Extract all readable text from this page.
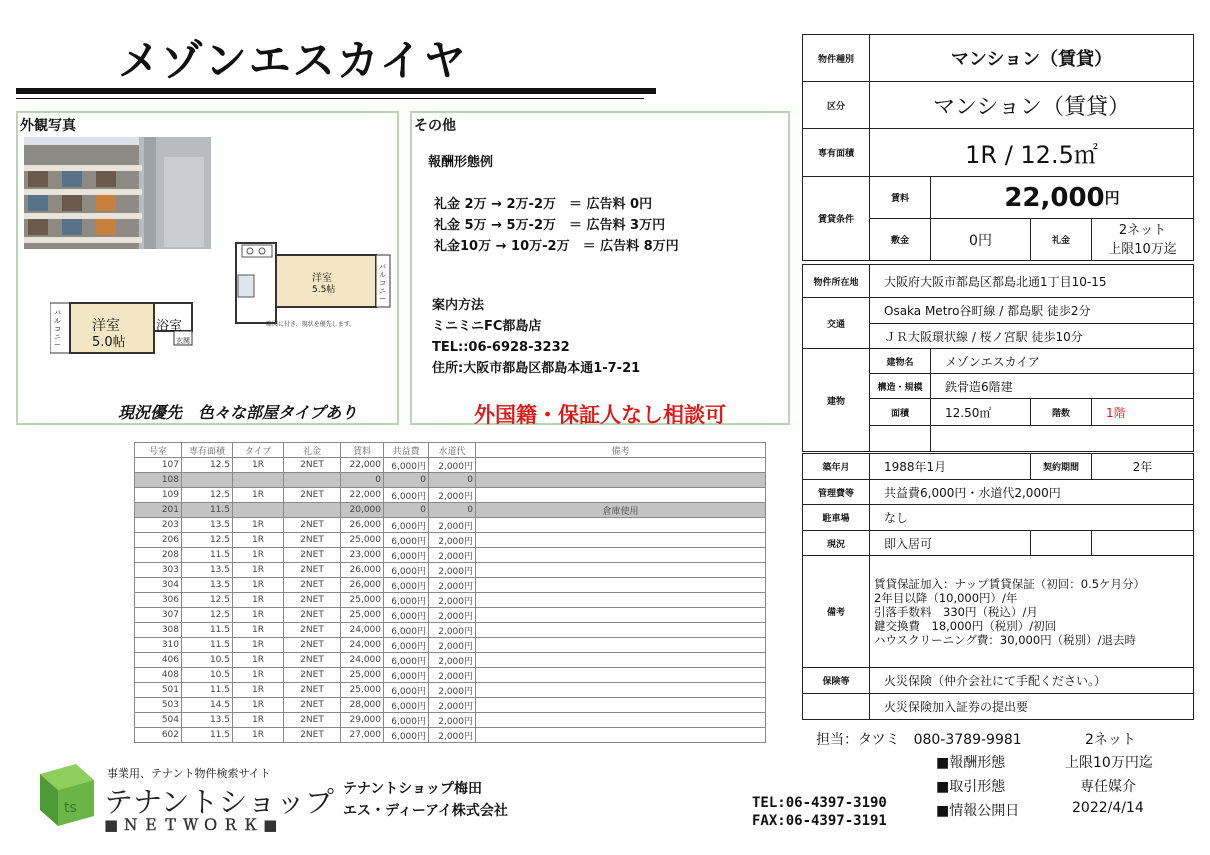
メゾンエスカイヤ
外観写真
洋室
5.5帖
略図に付き、現状を優先します。
バルコニー
洋室
5.0帖
浴室
玄関
バルコニー
現況優先　色々な部屋タイプあり
その他
報酬形態例
礼金 2万 → 2万-2万　＝ 広告料 0円
礼金 5万 → 5万-2万　＝ 広告料 3万円
礼金10万 → 10万-2万　＝ 広告料 8万円
案内方法
ミニミニFC都島店
TEL::06-6928-3232
住所:大阪市都島区都島本通1-7-21
外国籍・保証人なし相談可
号室	専有面積	タイプ	礼金	賃料	共益費	水道代	備考
107	12.5	1R	2NET	22,000	6,000円	2,000円	
108				0	0	0	
109	12.5	1R	2NET	22,000	6,000円	2,000円	
201	11.5			20,000	0	0	倉庫使用
203	13.5	1R	2NET	26,000	6,000円	2,000円	
206	12.5	1R	2NET	25,000	6,000円	2,000円	
208	11.5	1R	2NET	23,000	6,000円	2,000円	
303	13.5	1R	2NET	26,000	6,000円	2,000円	
304	13.5	1R	2NET	26,000	6,000円	2,000円	
306	12.5	1R	2NET	25,000	6,000円	2,000円	
307	12.5	1R	2NET	25,000	6,000円	2,000円	
308	11.5	1R	2NET	24,000	6,000円	2,000円	
310	11.5	1R	2NET	24,000	6,000円	2,000円	
406	10.5	1R	2NET	24,000	6,000円	2,000円	
408	10.5	1R	2NET	25,000	6,000円	2,000円	
501	11.5	1R	2NET	25,000	6,000円	2,000円	
503	14.5	1R	2NET	28,000	6,000円	2,000円	
504	13.5	1R	2NET	29,000	6,000円	2,000円	
602	11.5	1R	2NET	27,000	6,000円	2,000円	
物件種別	マンション（賃貸）
区分	マンション（賃貸）
専有面積	1R / 12.5㎡
賃貸条件
賃料	22,000 円
敷金	0円	礼金
2ネット
上限10万迄
物件所在地	大阪府大阪市都島区都島北通1丁目10-15
交通
Osaka Metro谷町線 / 都島駅 徒歩2分
ＪＲ大阪環状線 / 桜ノ宮駅 徒歩10分
建物
建物名	メゾンエスカイア
構造・規模	鉄骨造6階建
面積	12.50㎡	階数	1階
築年月	1988年1月	契約期間	2年
管理費等	共益費6,000円・水道代2,000円
駐車場	なし
現況	即入居可
備考
賃貸保証加入：ナップ賃貸保証（初回：0.5ケ月分）
2年目以降（10,000円）/年
引落手数料　330円（税込）/月
鍵交換費　18,000円（税別）/初回
ハウスクリーニング費：30,000円（税別）/退去時
保険等	火災保険（仲介会社にて手配ください。）
火災保険加入証券の提出要
担当：タツミ　080-3789-9981	2ネット
■報酬形態	上限10万円迄
■取引形態	専任媒介
■情報公開日	2022/4/14
事業用、テナント物件検索サイト
ts テナントショップ
■ＮＥＴＷＯＲＫ■
テナントショップ梅田
エス・ディーアイ株式会社	TEL:06-4397-3190
FAX:06-4397-3191
